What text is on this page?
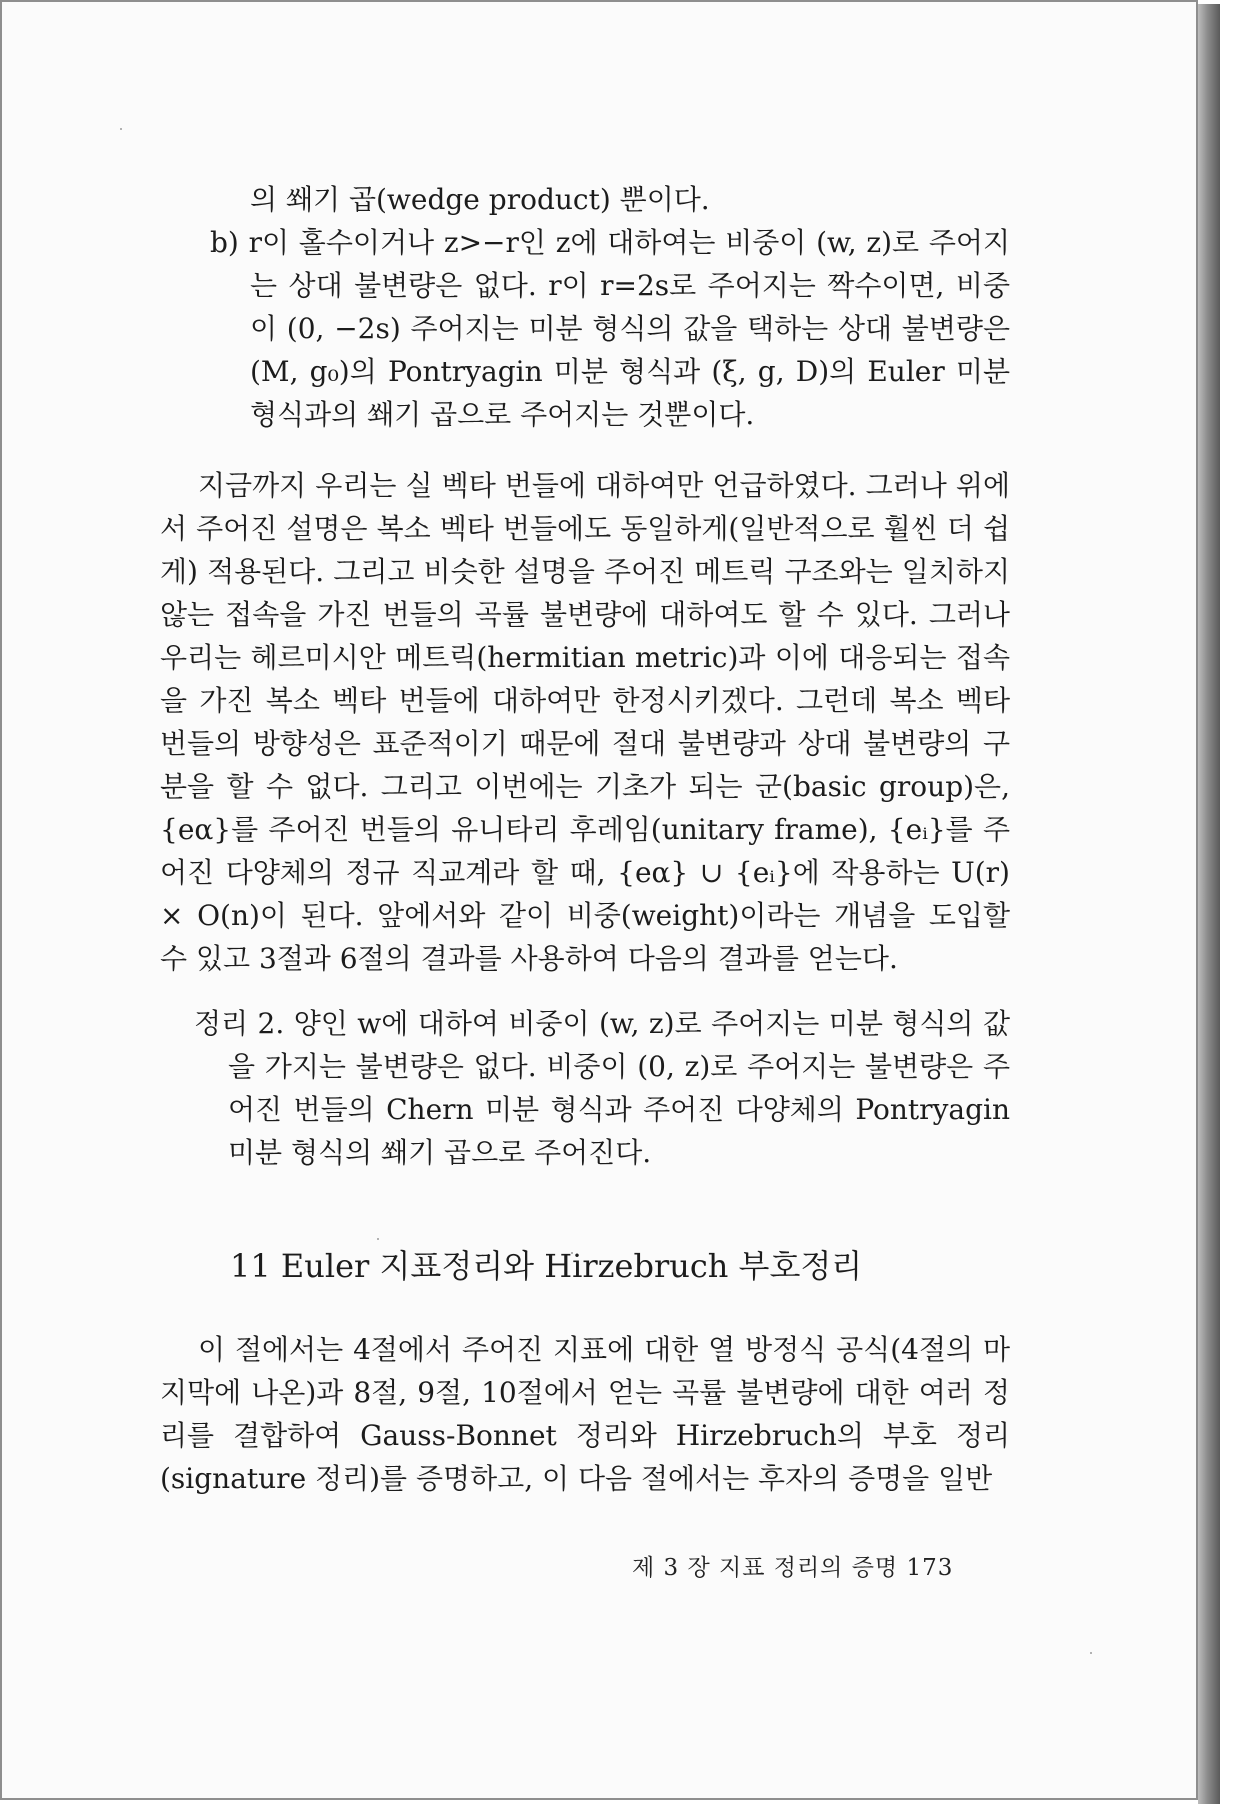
의 쐐기 곱(wedge product) 뿐이다.

b) r이 홀수이거나 z>−r인 z에 대하여는 비중이 (w, z)로 주어지는 상대 불변량은 없다. r이 r=2s로 주어지는 짝수이면, 비중이 (0, −2s) 주어지는 미분 형식의 값을 택하는 상대 불변량은 (M, g₀)의 Pontryagin 미분 형식과 (ξ, g, D)의 Euler 미분 형식과의 쐐기 곱으로 주어지는 것뿐이다.

지금까지 우리는 실 벡타 번들에 대하여만 언급하였다. 그러나 위에서 주어진 설명은 복소 벡타 번들에도 동일하게(일반적으로 훨씬 더 쉽게) 적용된다. 그리고 비슷한 설명을 주어진 메트릭 구조와는 일치하지 않는 접속을 가진 번들의 곡률 불변량에 대하여도 할 수 있다. 그러나 우리는 헤르미시안 메트릭(hermitian metric)과 이에 대응되는 접속을 가진 복소 벡타 번들에 대하여만 한정시키겠다. 그런데 복소 벡타 번들의 방향성은 표준적이기 때문에 절대 불변량과 상대 불변량의 구분을 할 수 없다. 그리고 이번에는 기초가 되는 군(basic group)은, {eα}를 주어진 번들의 유니타리 후레임(unitary frame), {eᵢ}를 주어진 다양체의 정규 직교계라 할 때, {eα} ∪ {eᵢ}에 작용하는 U(r) × O(n)이 된다. 앞에서와 같이 비중(weight)이라는 개념을 도입할 수 있고 3절과 6절의 결과를 사용하여 다음의 결과를 얻는다.

정리 2. 양인 w에 대하여 비중이 (w, z)로 주어지는 미분 형식의 값을 가지는 불변량은 없다. 비중이 (0, z)로 주어지는 불변량은 주어진 번들의 Chern 미분 형식과 주어진 다양체의 Pontryagin 미분 형식의 쐐기 곱으로 주어진다.

11 Euler 지표정리와 Hirzebruch 부호정리

이 절에서는 4절에서 주어진 지표에 대한 열 방정식 공식(4절의 마지막에 나온)과 8절, 9절, 10절에서 얻는 곡률 불변량에 대한 여러 정리를 결합하여 Gauss-Bonnet 정리와 Hirzebruch의 부호 정리(signature 정리)를 증명하고, 이 다음 절에서는 후자의 증명을 일반

제 3 장 지표 정리의 증명 173
